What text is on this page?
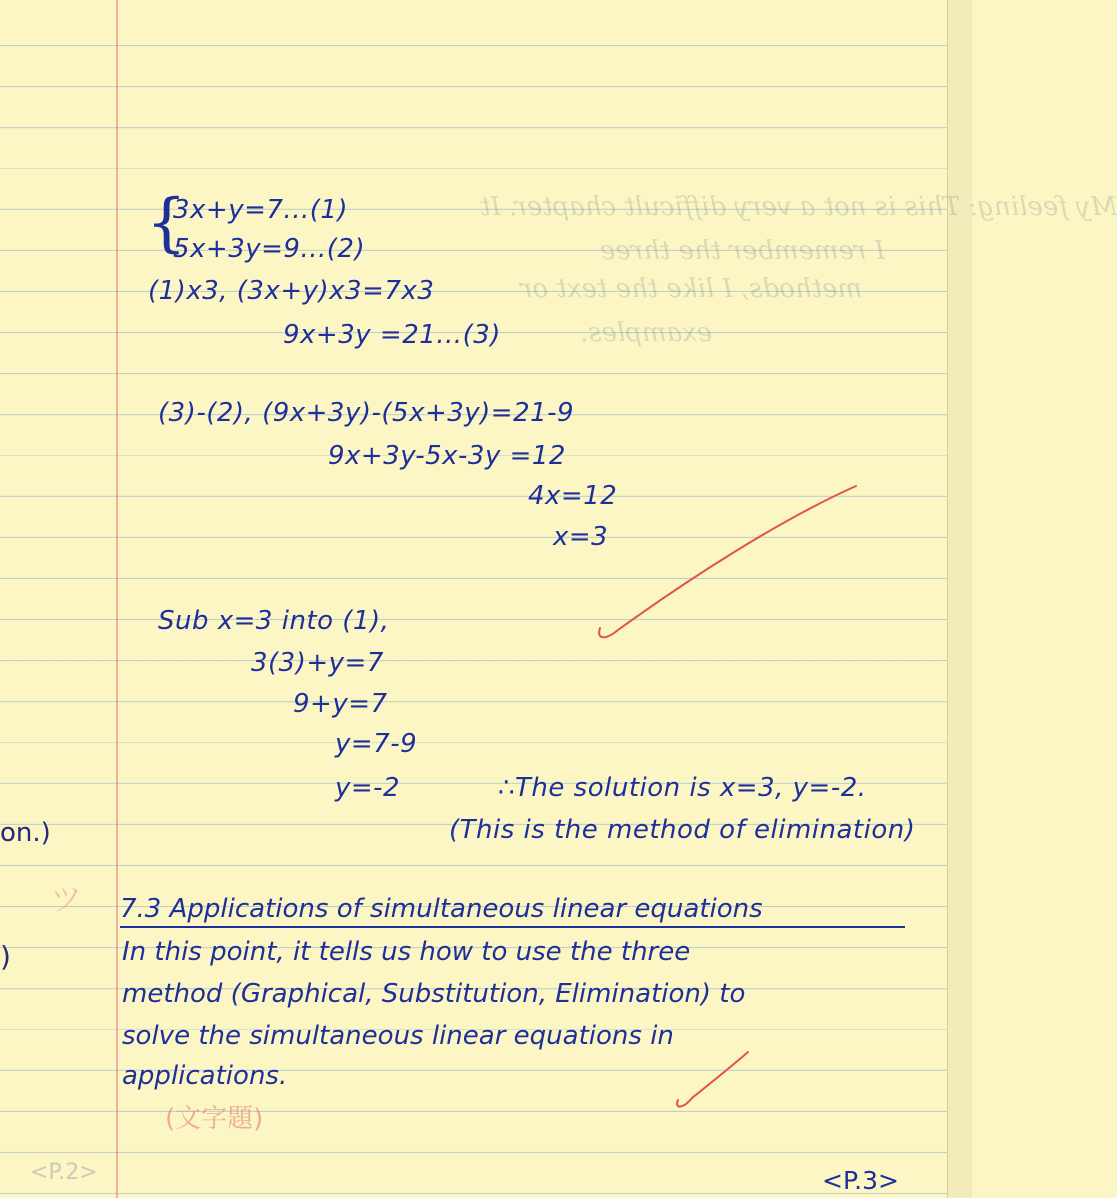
My feeling: This is not a very difficult chapter. It
I remember the three
methods, I like the text or
examples.
{
3x+y=7...(1)
5x+3y=9...(2)
(1)x3, (3x+y)x3=7x3
9x+3y =21...(3)
(3)-(2), (9x+3y)-(5x+3y)=21-9
9x+3y-5x-3y =12
4x=12
x=3
Sub x=3 into (1),
3(3)+y=7
9+y=7
y=7-9
y=-2	∴The solution is x=3, y=-2.
(This is the method of elimination)
on.)
)
ツ 7.3 Applications of simultaneous linear equations
In this point, it tells us how to use the three
method (Graphical, Substitution, Elimination) to
solve the simultaneous linear equations in
applications.
(文字題)
<P.2>	<P.3>
